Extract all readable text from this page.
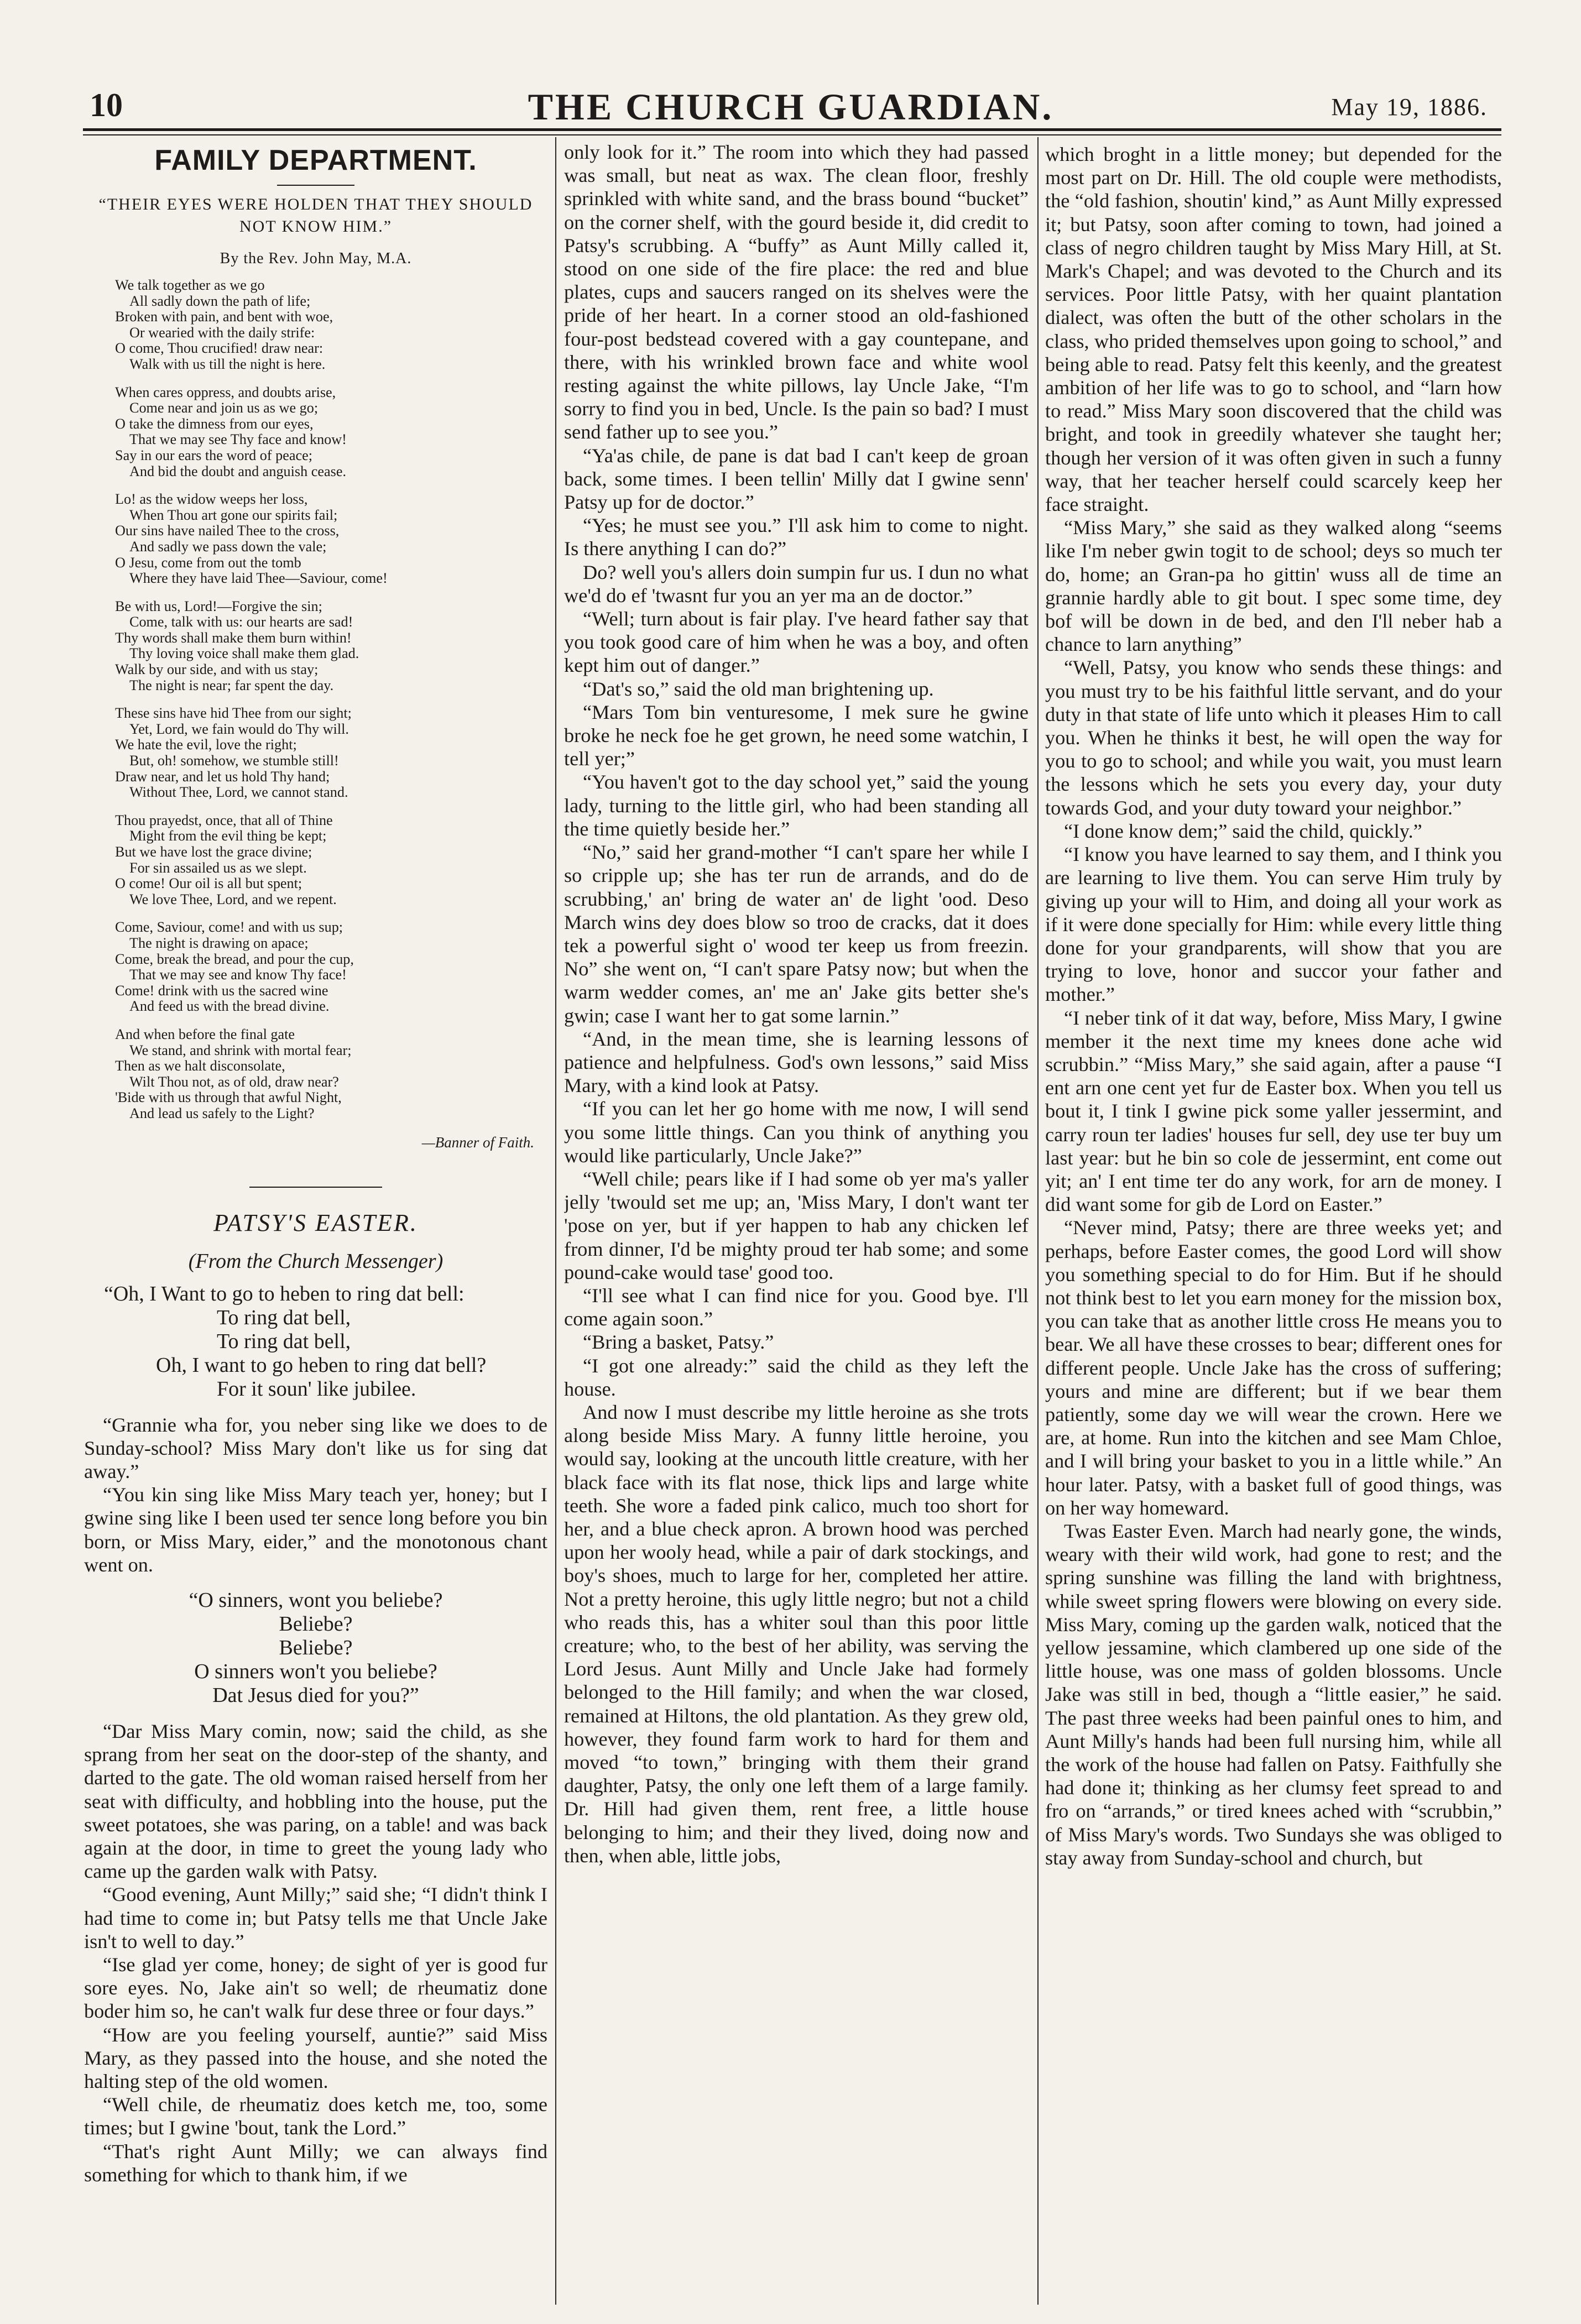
10	THE CHURCH GUARDIAN.	May 19, 1886.
FAMILY DEPARTMENT.
“THEIR EYES WERE HOLDEN THAT THEY SHOULD NOT KNOW HIM.”
By the Rev. John May, M.A.
We talk together as we go
All sadly down the path of life;
Broken with pain, and bent with woe,
Or wearied with the daily strife:
O come, Thou crucified! draw near:
Walk with us till the night is here.
When cares oppress, and doubts arise,
Come near and join us as we go;
O take the dimness from our eyes,
That we may see Thy face and know!
Say in our ears the word of peace;
And bid the doubt and anguish cease.
Lo! as the widow weeps her loss,
When Thou art gone our spirits fail;
Our sins have nailed Thee to the cross,
And sadly we pass down the vale;
O Jesu, come from out the tomb
Where they have laid Thee—Saviour, come!
Be with us, Lord!—Forgive the sin;
Come, talk with us: our hearts are sad!
Thy words shall make them burn within!
Thy loving voice shall make them glad.
Walk by our side, and with us stay;
The night is near; far spent the day.
These sins have hid Thee from our sight;
Yet, Lord, we fain would do Thy will.
We hate the evil, love the right;
But, oh! somehow, we stumble still!
Draw near, and let us hold Thy hand;
Without Thee, Lord, we cannot stand.
Thou prayedst, once, that all of Thine
Might from the evil thing be kept;
But we have lost the grace divine;
For sin assailed us as we slept.
O come! Our oil is all but spent;
We love Thee, Lord, and we repent.
Come, Saviour, come! and with us sup;
The night is drawing on apace;
Come, break the bread, and pour the cup,
That we may see and know Thy face!
Come! drink with us the sacred wine
And feed us with the bread divine.
And when before the final gate
We stand, and shrink with mortal fear;
Then as we halt disconsolate,
Wilt Thou not, as of old, draw near?
'Bide with us through that awful Night,
And lead us safely to the Light?
—Banner of Faith.
PATSY'S EASTER.
(From the Church Messenger)
“Oh, I Want to go to heben to ring dat bell:
To ring dat bell,
To ring dat bell,
Oh, I want to go heben to ring dat bell?
For it soun' like jubilee.

“Grannie wha for, you neber sing like we does to de Sunday-school? Miss Mary don't like us for sing dat away.”

“You kin sing like Miss Mary teach yer, honey; but I gwine sing like I been used ter sence long before you bin born, or Miss Mary, eider,” and the monotonous chant went on.

“O sinners, wont you beliebe?
Beliebe?
Beliebe?
O sinners won't you beliebe?
Dat Jesus died for you?”

“Dar Miss Mary comin, now; said the child, as she sprang from her seat on the door-step of the shanty, and darted to the gate. The old woman raised herself from her seat with difficulty, and hobbling into the house, put the sweet potatoes, she was paring, on a table! and was back again at the door, in time to greet the young lady who came up the garden walk with Patsy.

“Good evening, Aunt Milly;” said she; “I didn't think I had time to come in; but Patsy tells me that Uncle Jake isn't to well to day.”

“Ise glad yer come, honey; de sight of yer is good fur sore eyes. No, Jake ain't so well; de rheumatiz done boder him so, he can't walk fur dese three or four days.”

“How are you feeling yourself, auntie?” said Miss Mary, as they passed into the house, and she noted the halting step of the old women.

“Well chile, de rheumatiz does ketch me, too, some times; but I gwine 'bout, tank the Lord.”

“That's right Aunt Milly; we can always find something for which to thank him, if we

only look for it.” The room into which they had passed was small, but neat as wax. The clean floor, freshly sprinkled with white sand, and the brass bound “bucket” on the corner shelf, with the gourd beside it, did credit to Patsy's scrubbing. A “buffy” as Aunt Milly called it, stood on one side of the fire place: the red and blue plates, cups and saucers ranged on its shelves were the pride of her heart. In a corner stood an old-fashioned four-post bedstead covered with a gay countepane, and there, with his wrinkled brown face and white wool resting against the white pillows, lay Uncle Jake, “I'm sorry to find you in bed, Uncle. Is the pain so bad? I must send father up to see you.”

“Ya'as chile, de pane is dat bad I can't keep de groan back, some times. I been tellin' Milly dat I gwine senn' Patsy up for de doctor.”

“Yes; he must see you.” I'll ask him to come to night. Is there anything I can do?”

Do? well you's allers doin sumpin fur us. I dun no what we'd do ef 'twasnt fur you an yer ma an de doctor.”

“Well; turn about is fair play. I've heard father say that you took good care of him when he was a boy, and often kept him out of danger.”

“Dat's so,” said the old man brightening up.

“Mars Tom bin venturesome, I mek sure he gwine broke he neck foe he get grown, he need some watchin, I tell yer;”

“You haven't got to the day school yet,” said the young lady, turning to the little girl, who had been standing all the time quietly beside her.”

“No,” said her grand-mother “I can't spare her while I so cripple up; she has ter run de arrands, and do de scrubbing,' an' bring de water an' de light 'ood. Deso March wins dey does blow so troo de cracks, dat it does tek a powerful sight o' wood ter keep us from freezin. No” she went on, “I can't spare Patsy now; but when the warm wedder comes, an' me an' Jake gits better she's gwin; case I want her to gat some larnin.”

“And, in the mean time, she is learning lessons of patience and helpfulness. God's own lessons,” said Miss Mary, with a kind look at Patsy.

“If you can let her go home with me now, I will send you some little things. Can you think of anything you would like particularly, Uncle Jake?”

“Well chile; pears like if I had some ob yer ma's yaller jelly 'twould set me up; an, 'Miss Mary, I don't want ter 'pose on yer, but if yer happen to hab any chicken lef from dinner, I'd be mighty proud ter hab some; and some pound-cake would tase' good too.

“I'll see what I can find nice for you. Good bye. I'll come again soon.”

“Bring a basket, Patsy.”

“I got one already:” said the child as they left the house.

And now I must describe my little heroine as she trots along beside Miss Mary. A funny little heroine, you would say, looking at the uncouth little creature, with her black face with its flat nose, thick lips and large white teeth. She wore a faded pink calico, much too short for her, and a blue check apron. A brown hood was perched upon her wooly head, while a pair of dark stockings, and boy's shoes, much to large for her, completed her attire. Not a pretty heroine, this ugly little negro; but not a child who reads this, has a whiter soul than this poor little creature; who, to the best of her ability, was serving the Lord Jesus. Aunt Milly and Uncle Jake had formely belonged to the Hill family; and when the war closed, remained at Hiltons, the old plantation. As they grew old, however, they found farm work to hard for them and moved “to town,” bringing with them their grand daughter, Patsy, the only one left them of a large family. Dr. Hill had given them, rent free, a little house belonging to him; and their they lived, doing now and then, when able, little jobs,

which broght in a little money; but depended for the most part on Dr. Hill. The old couple were methodists, the “old fashion, shoutin' kind,” as Aunt Milly expressed it; but Patsy, soon after coming to town, had joined a class of negro children taught by Miss Mary Hill, at St. Mark's Chapel; and was devoted to the Church and its services. Poor little Patsy, with her quaint plantation dialect, was often the butt of the other scholars in the class, who prided themselves upon going to school,” and being able to read. Patsy felt this keenly, and the greatest ambition of her life was to go to school, and “larn how to read.” Miss Mary soon discovered that the child was bright, and took in greedily whatever she taught her; though her version of it was often given in such a funny way, that her teacher herself could scarcely keep her face straight.

“Miss Mary,” she said as they walked along “seems like I'm neber gwin togit to de school; deys so much ter do, home; an Gran-pa ho gittin' wuss all de time an grannie hardly able to git bout. I spec some time, dey bof will be down in de bed, and den I'll neber hab a chance to larn anything”

“Well, Patsy, you know who sends these things: and you must try to be his faithful little servant, and do your duty in that state of life unto which it pleases Him to call you. When he thinks it best, he will open the way for you to go to school; and while you wait, you must learn the lessons which he sets you every day, your duty towards God, and your duty toward your neighbor.”

“I done know dem;” said the child, quickly.”

“I know you have learned to say them, and I think you are learning to live them. You can serve Him truly by giving up your will to Him, and doing all your work as if it were done specially for Him: while every little thing done for your grandparents, will show that you are trying to love, honor and succor your father and mother.”

“I neber tink of it dat way, before, Miss Mary, I gwine member it the next time my knees done ache wid scrubbin.” “Miss Mary,” she said again, after a pause “I ent arn one cent yet fur de Easter box. When you tell us bout it, I tink I gwine pick some yaller jessermint, and carry roun ter ladies' houses fur sell, dey use ter buy um last year: but he bin so cole de jessermint, ent come out yit; an' I ent time ter do any work, for arn de money. I did want some for gib de Lord on Easter.”

“Never mind, Patsy; there are three weeks yet; and perhaps, before Easter comes, the good Lord will show you something special to do for Him. But if he should not think best to let you earn money for the mission box, you can take that as another little cross He means you to bear. We all have these crosses to bear; different ones for different people. Uncle Jake has the cross of suffering; yours and mine are different; but if we bear them patiently, some day we will wear the crown. Here we are, at home. Run into the kitchen and see Mam Chloe, and I will bring your basket to you in a little while.” An hour later. Patsy, with a basket full of good things, was on her way homeward.

Twas Easter Even. March had nearly gone, the winds, weary with their wild work, had gone to rest; and the spring sunshine was filling the land with brightness, while sweet spring flowers were blowing on every side. Miss Mary, coming up the garden walk, noticed that the yellow jessamine, which clambered up one side of the little house, was one mass of golden blossoms. Uncle Jake was still in bed, though a “little easier,” he said. The past three weeks had been painful ones to him, and Aunt Milly's hands had been full nursing him, while all the work of the house had fallen on Patsy. Faithfully she had done it; thinking as her clumsy feet spread to and fro on “arrands,” or tired knees ached with “scrubbin,” of Miss Mary's words. Two Sundays she was obliged to stay away from Sunday-school and church, but
